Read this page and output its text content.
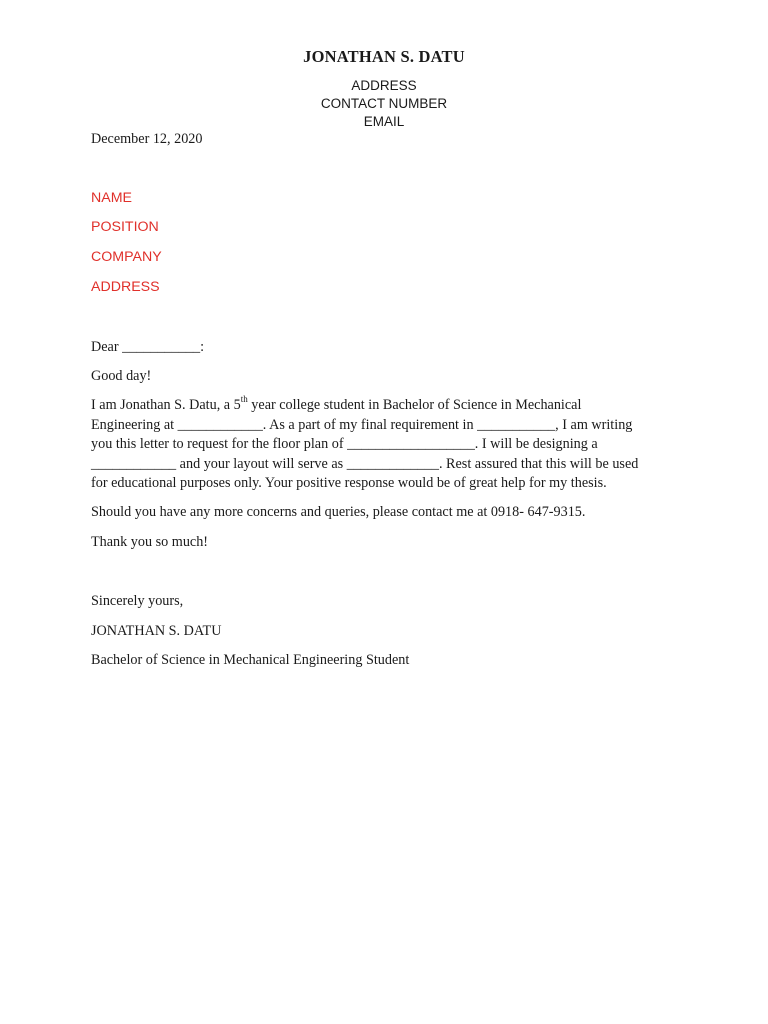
JONATHAN S. DATU
ADDRESS
CONTACT NUMBER
EMAIL
December 12, 2020
NAME
POSITION
COMPANY
ADDRESS
Dear ___________:
Good day!
I am Jonathan S. Datu, a 5th year college student in Bachelor of Science in Mechanical
Engineering at ____________. As a part of my final requirement in ___________, I am writing
you this letter to request for the floor plan of __________________. I will be designing a
____________ and your layout will serve as _____________. Rest assured that this will be used
for educational purposes only. Your positive response would be of great help for my thesis.
Should you have any more concerns and queries, please contact me at 0918- 647-9315.
Thank you so much!
Sincerely yours,
JONATHAN S. DATU
Bachelor of Science in Mechanical Engineering Student
